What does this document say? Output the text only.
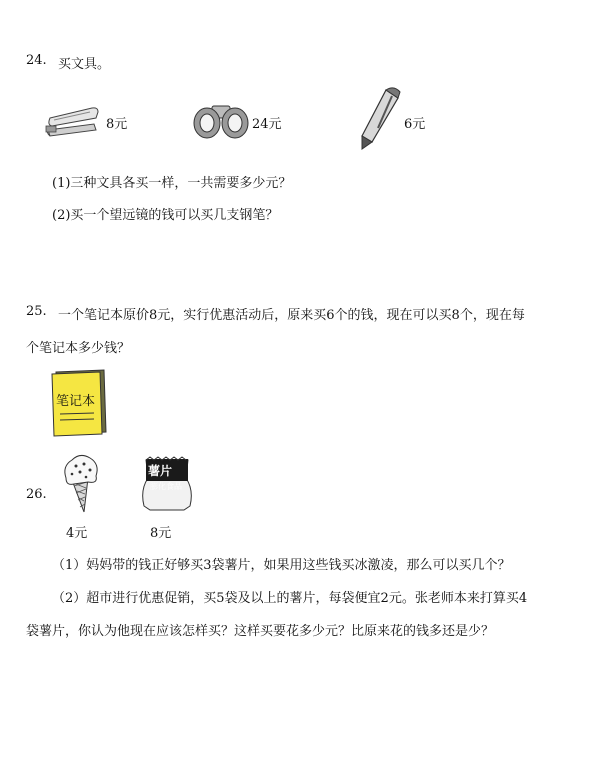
24. 买文具。
8元	24元	6元
(1)三种文具各买一样，一共需要多少元？
(2)买一个望远镜的钱可以买几支钢笔？
25. 一个笔记本原价8元，实行优惠活动后，原来买6个的钱，现在可以买8个，现在每
个笔记本多少钱？
笔记本
26.
4元
薯片
膨化食品
8元
（1）妈妈带的钱正好够买3袋薯片，如果用这些钱买冰激凌，那么可以买几个？
（2）超市进行优惠促销，买5袋及以上的薯片，每袋便宜2元。张老师本来打算买4
袋薯片，你认为他现在应该怎样买？这样买要花多少元？比原来花的钱多还是少？
